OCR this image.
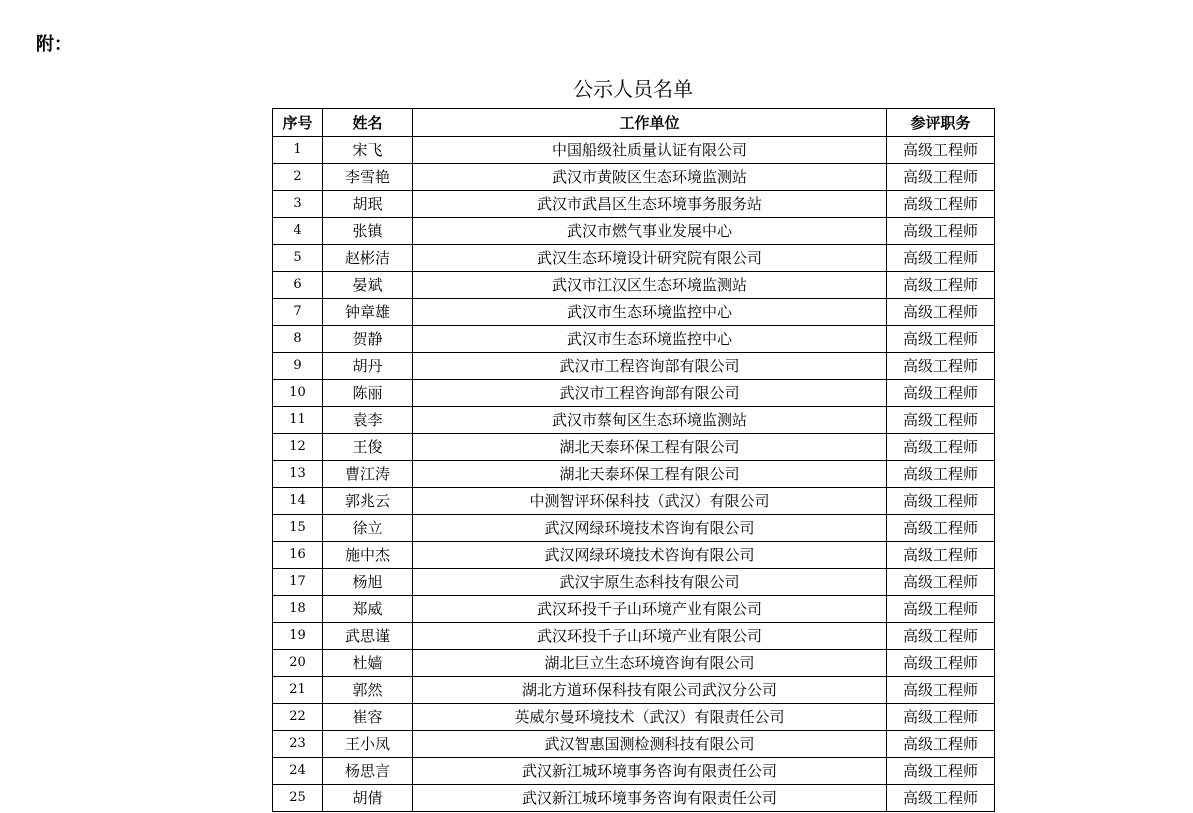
附：
公示人员名单
序号	姓名	工作单位	参评职务
1	宋飞	中国船级社质量认证有限公司	高级工程师
2	李雪艳	武汉市黄陂区生态环境监测站	高级工程师
3	胡珉	武汉市武昌区生态环境事务服务站	高级工程师
4	张镇	武汉市燃气事业发展中心	高级工程师
5	赵彬洁	武汉生态环境设计研究院有限公司	高级工程师
6	晏斌	武汉市江汉区生态环境监测站	高级工程师
7	钟章雄	武汉市生态环境监控中心	高级工程师
8	贺静	武汉市生态环境监控中心	高级工程师
9	胡丹	武汉市工程咨询部有限公司	高级工程师
10	陈丽	武汉市工程咨询部有限公司	高级工程师
11	袁李	武汉市蔡甸区生态环境监测站	高级工程师
12	王俊	湖北天泰环保工程有限公司	高级工程师
13	曹江涛	湖北天泰环保工程有限公司	高级工程师
14	郭兆云	中测智评环保科技（武汉）有限公司	高级工程师
15	徐立	武汉网绿环境技术咨询有限公司	高级工程师
16	施中杰	武汉网绿环境技术咨询有限公司	高级工程师
17	杨旭	武汉宇原生态科技有限公司	高级工程师
18	郑威	武汉环投千子山环境产业有限公司	高级工程师
19	武思谨	武汉环投千子山环境产业有限公司	高级工程师
20	杜嫱	湖北巨立生态环境咨询有限公司	高级工程师
21	郭然	湖北方道环保科技有限公司武汉分公司	高级工程师
22	崔容	英威尔曼环境技术（武汉）有限责任公司	高级工程师
23	王小凤	武汉智惠国测检测科技有限公司	高级工程师
24	杨思言	武汉新江城环境事务咨询有限责任公司	高级工程师
25	胡倩	武汉新江城环境事务咨询有限责任公司	高级工程师
